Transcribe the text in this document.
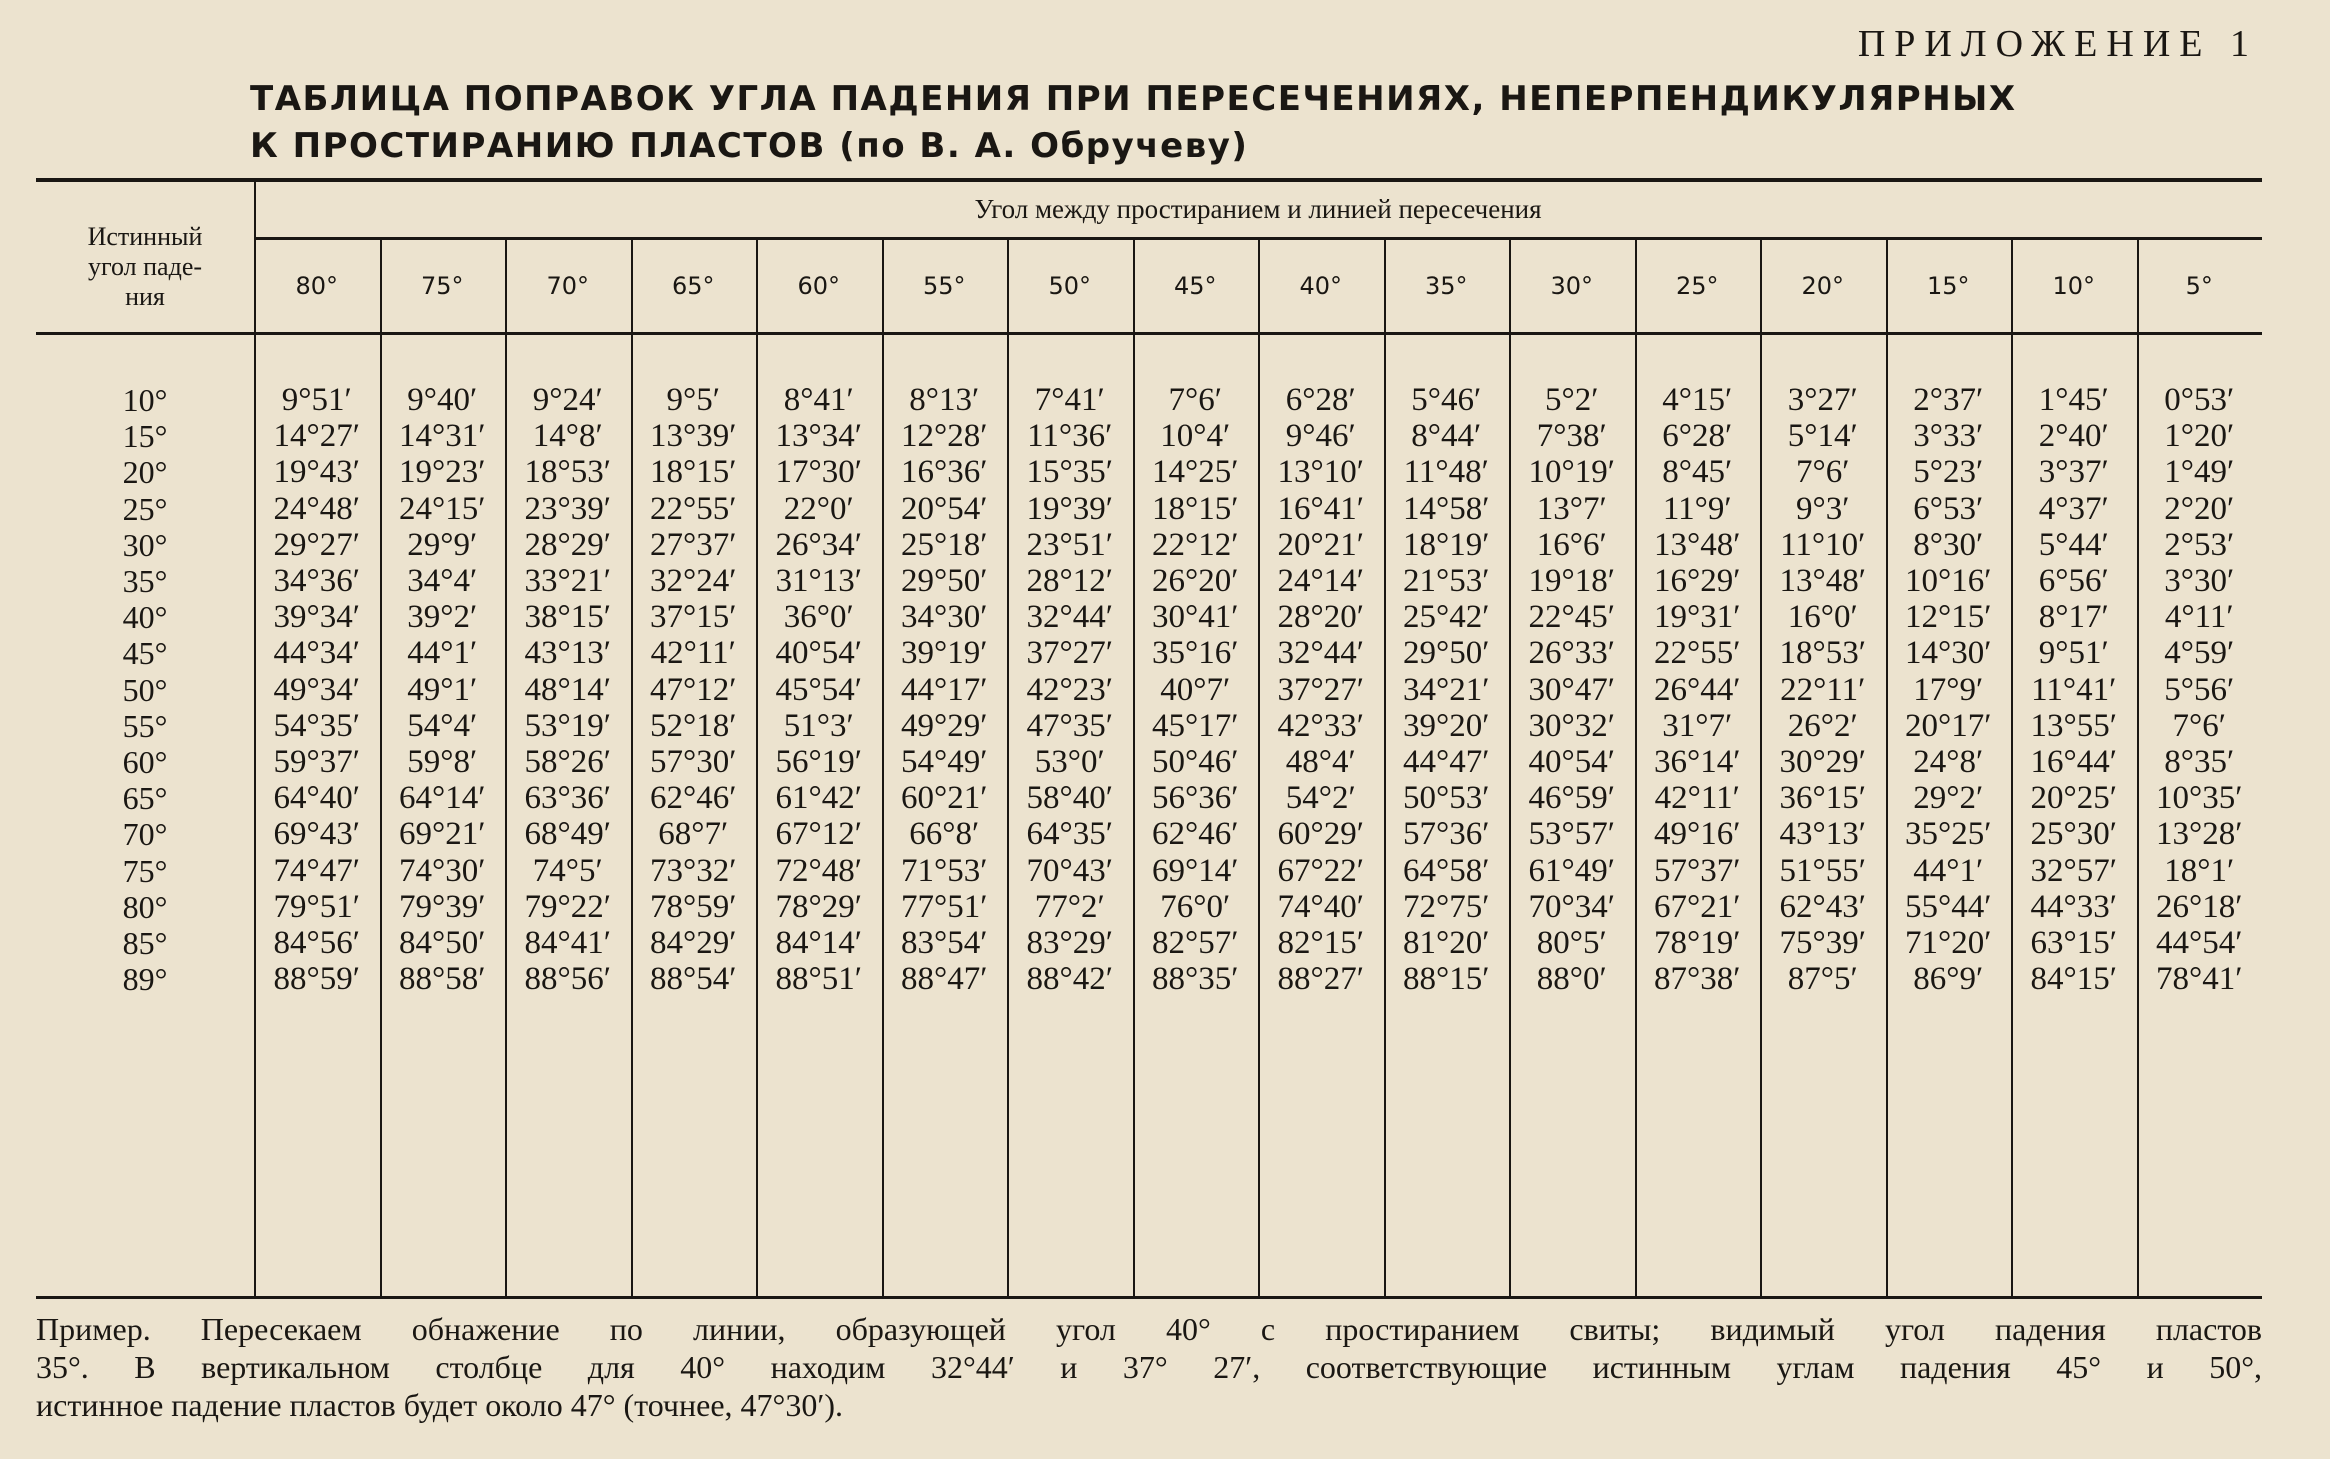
ПРИЛОЖЕНИЕ 1
ТАБЛИЦА ПОПРАВОК УГЛА ПАДЕНИЯ ПРИ ПЕРЕСЕЧЕНИЯХ, НЕПЕРПЕНДИКУЛЯРНЫХ
К ПРОСТИРАНИЮ ПЛАСТОВ (по В. А. Обручеву)
Истинный
угол паде-
ния
Угол между простиранием и линией пересечения
80°	75°	70°	65°	60°	55°	50°	45°	40°	35°	30°	25°	20°	15°	10°	5°
10°	9°51′	9°40′	9°24′	9°5′	8°41′	8°13′	7°41′	7°6′	6°28′	5°46′	5°2′	4°15′	3°27′	2°37′	1°45′	0°53′
15°	14°27′	14°31′	14°8′	13°39′	13°34′	12°28′	11°36′	10°4′	9°46′	8°44′	7°38′	6°28′	5°14′	3°33′	2°40′	1°20′
20°	19°43′	19°23′	18°53′	18°15′	17°30′	16°36′	15°35′	14°25′	13°10′	11°48′	10°19′	8°45′	7°6′	5°23′	3°37′	1°49′
25°	24°48′	24°15′	23°39′	22°55′	22°0′	20°54′	19°39′	18°15′	16°41′	14°58′	13°7′	11°9′	9°3′	6°53′	4°37′	2°20′
30°	29°27′	29°9′	28°29′	27°37′	26°34′	25°18′	23°51′	22°12′	20°21′	18°19′	16°6′	13°48′	11°10′	8°30′	5°44′	2°53′
35°	34°36′	34°4′	33°21′	32°24′	31°13′	29°50′	28°12′	26°20′	24°14′	21°53′	19°18′	16°29′	13°48′	10°16′	6°56′	3°30′
40°	39°34′	39°2′	38°15′	37°15′	36°0′	34°30′	32°44′	30°41′	28°20′	25°42′	22°45′	19°31′	16°0′	12°15′	8°17′	4°11′
45°	44°34′	44°1′	43°13′	42°11′	40°54′	39°19′	37°27′	35°16′	32°44′	29°50′	26°33′	22°55′	18°53′	14°30′	9°51′	4°59′
50°	49°34′	49°1′	48°14′	47°12′	45°54′	44°17′	42°23′	40°7′	37°27′	34°21′	30°47′	26°44′	22°11′	17°9′	11°41′	5°56′
55°	54°35′	54°4′	53°19′	52°18′	51°3′	49°29′	47°35′	45°17′	42°33′	39°20′	30°32′	31°7′	26°2′	20°17′	13°55′	7°6′
60°	59°37′	59°8′	58°26′	57°30′	56°19′	54°49′	53°0′	50°46′	48°4′	44°47′	40°54′	36°14′	30°29′	24°8′	16°44′	8°35′
65°	64°40′	64°14′	63°36′	62°46′	61°42′	60°21′	58°40′	56°36′	54°2′	50°53′	46°59′	42°11′	36°15′	29°2′	20°25′	10°35′
70°	69°43′	69°21′	68°49′	68°7′	67°12′	66°8′	64°35′	62°46′	60°29′	57°36′	53°57′	49°16′	43°13′	35°25′	25°30′	13°28′
75°	74°47′	74°30′	74°5′	73°32′	72°48′	71°53′	70°43′	69°14′	67°22′	64°58′	61°49′	57°37′	51°55′	44°1′	32°57′	18°1′
80°	79°51′	79°39′	79°22′	78°59′	78°29′	77°51′	77°2′	76°0′	74°40′	72°75′	70°34′	67°21′	62°43′	55°44′	44°33′	26°18′
85°	84°56′	84°50′	84°41′	84°29′	84°14′	83°54′	83°29′	82°57′	82°15′	81°20′	80°5′	78°19′	75°39′	71°20′	63°15′	44°54′
89°	88°59′	88°58′	88°56′	88°54′	88°51′	88°47′	88°42′	88°35′	88°27′	88°15′	88°0′	87°38′	87°5′	86°9′	84°15′	78°41′
Пример. Пересекаем обнажение по линии, образующей угол 40° с простиранием свиты; видимый угол падения пластов
35°. В вертикальном столбце для 40° находим 32°44′ и 37° 27′, соответствующие истинным углам падения 45° и 50°,
истинное падение пластов будет около 47° (точнее, 47°30′).
